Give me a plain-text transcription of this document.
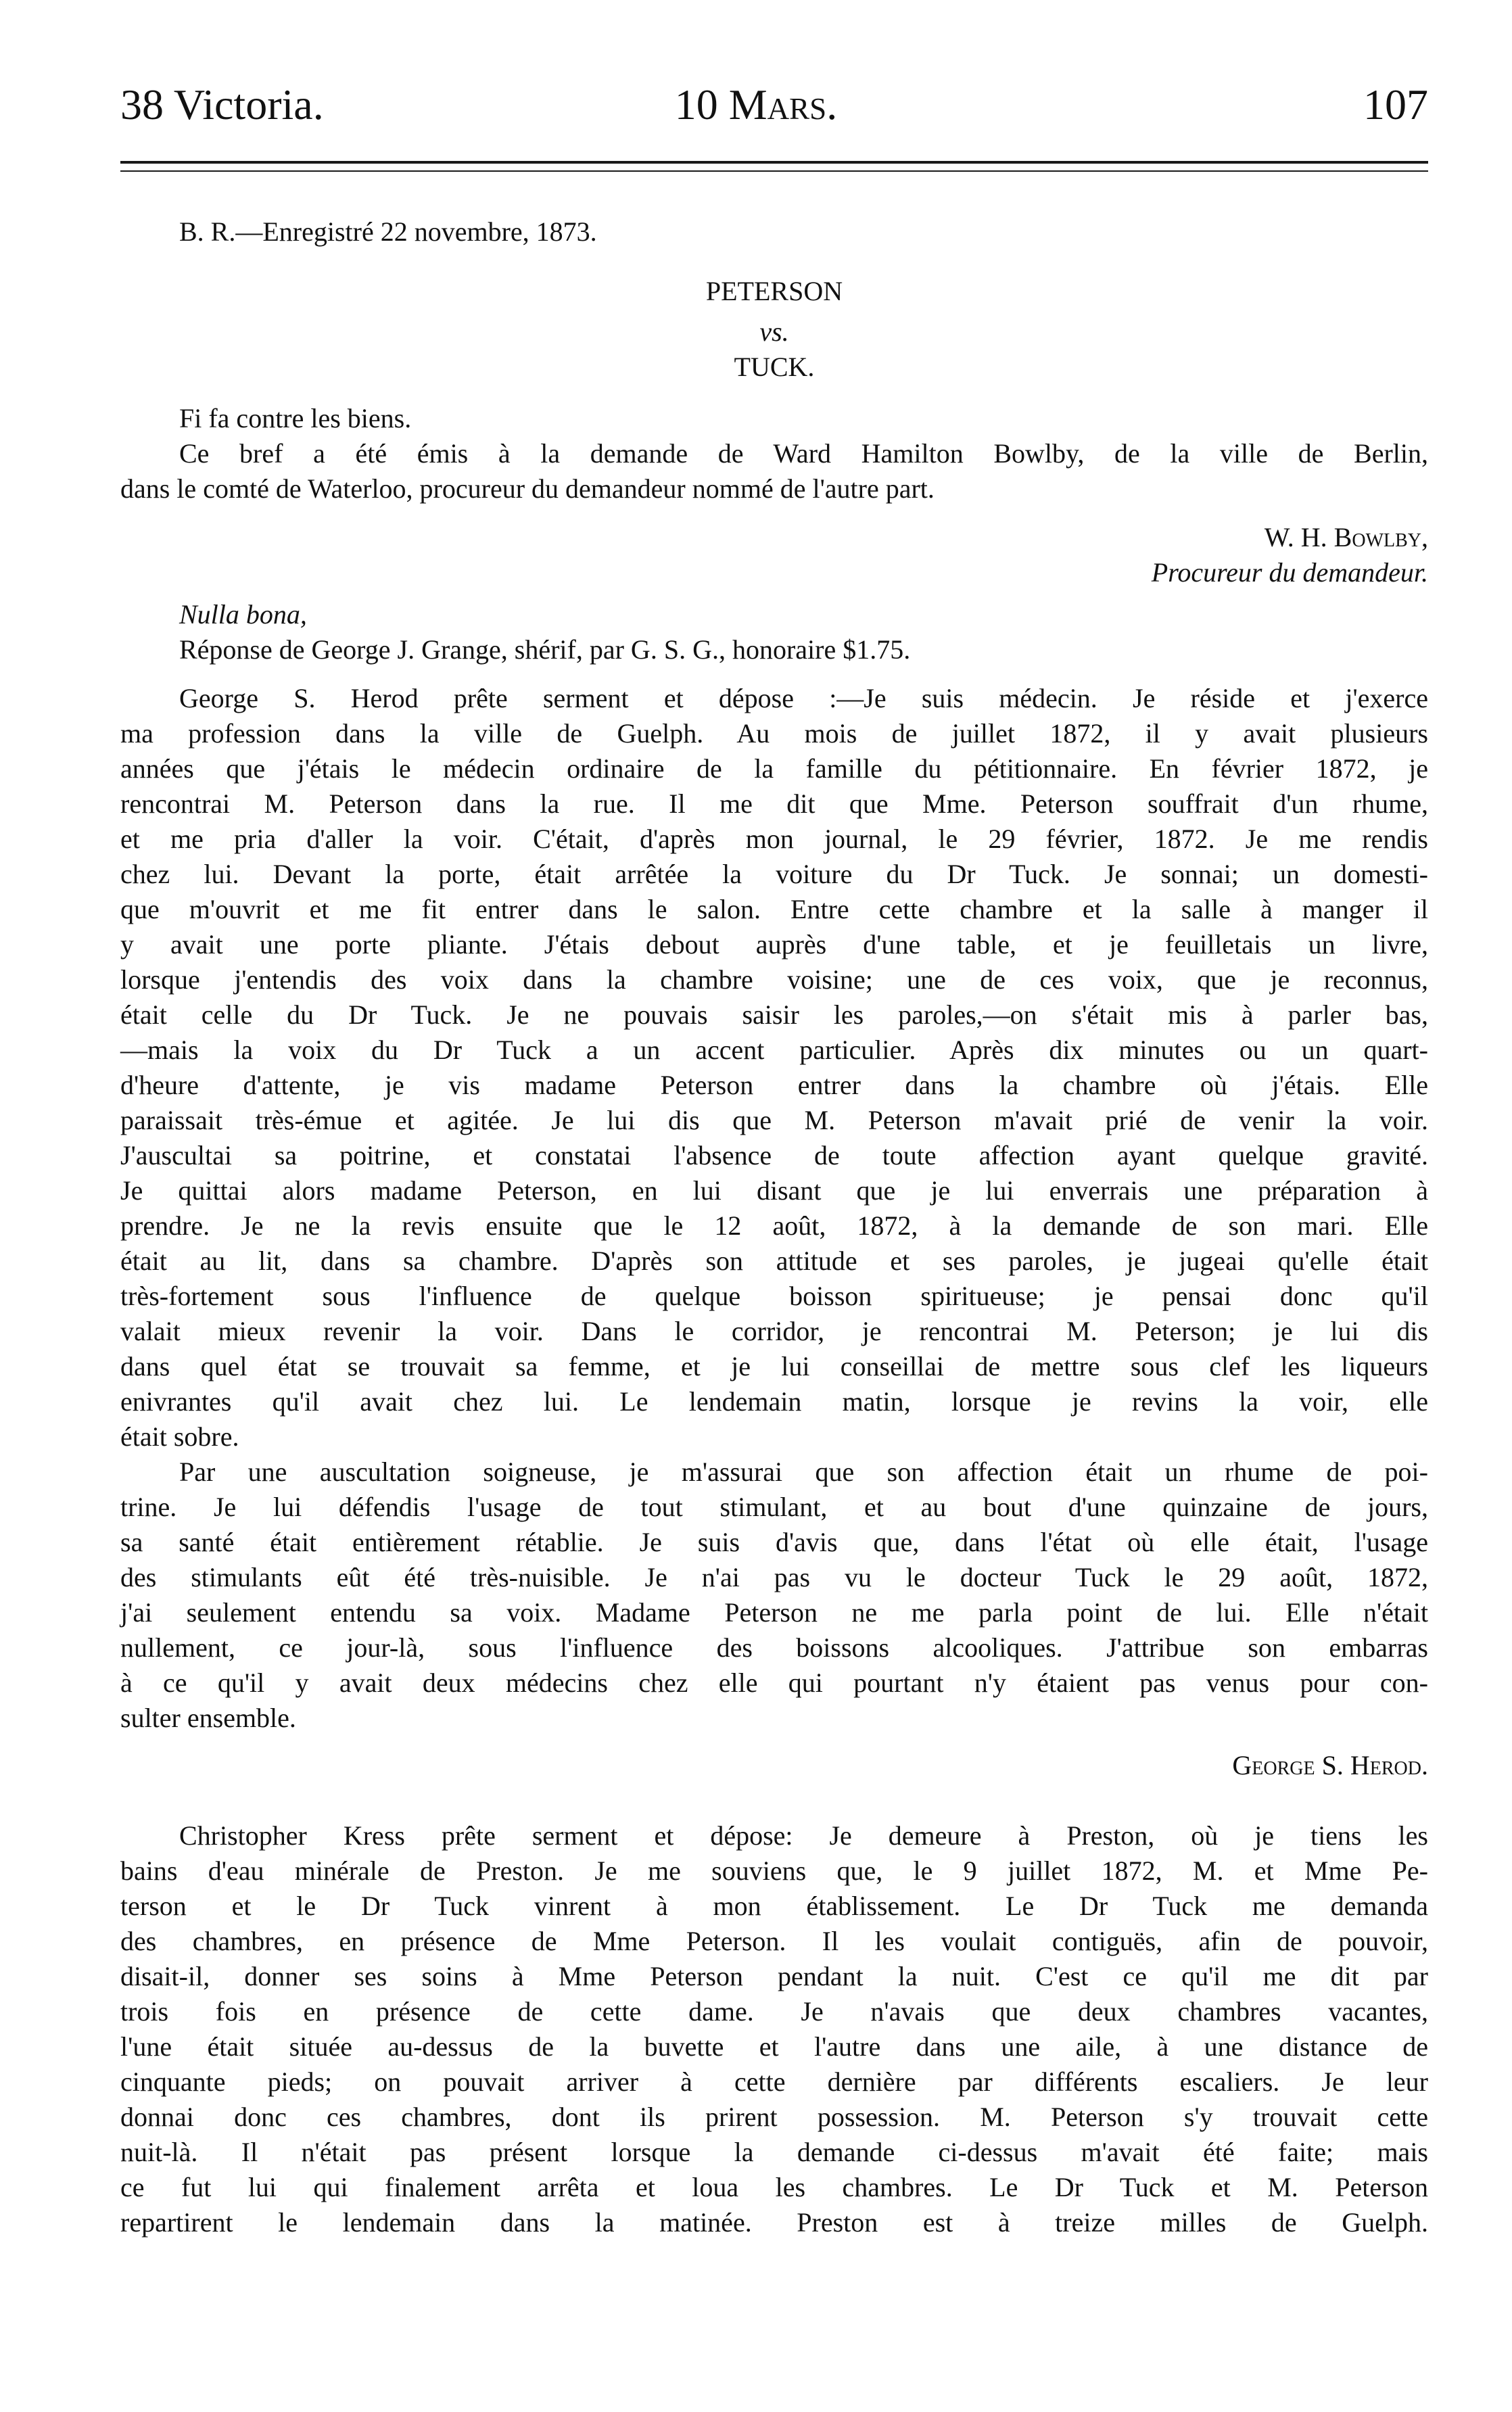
38 Victoria.	10 Mars.	107
B. R.—Enregistré 22 novembre, 1873.
PETERSON
vs.
TUCK.
Fi fa contre les biens.
Ce bref a été émis à la demande de Ward Hamilton Bowlby, de la ville de Berlin,
dans le comté de Waterloo, procureur du demandeur nommé de l'autre part.
W. H. Bowlby,
Procureur du demandeur.
Nulla bona,
Réponse de George J. Grange, shérif, par G. S. G., honoraire $1.75.
George S. Herod prête serment et dépose :—Je suis médecin. Je réside et j'exerce
ma profession dans la ville de Guelph. Au mois de juillet 1872, il y avait plusieurs
années que j'étais le médecin ordinaire de la famille du pétitionnaire. En février 1872, je
rencontrai M. Peterson dans la rue. Il me dit que Mme. Peterson souffrait d'un rhume,
et me pria d'aller la voir. C'était, d'après mon journal, le 29 février, 1872. Je me rendis
chez lui. Devant la porte, était arrêtée la voiture du Dr Tuck. Je sonnai; un domesti-
que m'ouvrit et me fit entrer dans le salon. Entre cette chambre et la salle à manger il
y avait une porte pliante. J'étais debout auprès d'une table, et je feuilletais un livre,
lorsque j'entendis des voix dans la chambre voisine; une de ces voix, que je reconnus,
était celle du Dr Tuck. Je ne pouvais saisir les paroles,—on s'était mis à parler bas,
—mais la voix du Dr Tuck a un accent particulier. Après dix minutes ou un quart-
d'heure d'attente, je vis madame Peterson entrer dans la chambre où j'étais. Elle
paraissait très-émue et agitée. Je lui dis que M. Peterson m'avait prié de venir la voir.
J'auscultai sa poitrine, et constatai l'absence de toute affection ayant quelque gravité.
Je quittai alors madame Peterson, en lui disant que je lui enverrais une préparation à
prendre. Je ne la revis ensuite que le 12 août, 1872, à la demande de son mari. Elle
était au lit, dans sa chambre. D'après son attitude et ses paroles, je jugeai qu'elle était
très-fortement sous l'influence de quelque boisson spiritueuse; je pensai donc qu'il
valait mieux revenir la voir. Dans le corridor, je rencontrai M. Peterson; je lui dis
dans quel état se trouvait sa femme, et je lui conseillai de mettre sous clef les liqueurs
enivrantes qu'il avait chez lui. Le lendemain matin, lorsque je revins la voir, elle
était sobre.
Par une auscultation soigneuse, je m'assurai que son affection était un rhume de poi-
trine. Je lui défendis l'usage de tout stimulant, et au bout d'une quinzaine de jours,
sa santé était entièrement rétablie. Je suis d'avis que, dans l'état où elle était, l'usage
des stimulants eût été très-nuisible. Je n'ai pas vu le docteur Tuck le 29 août, 1872,
j'ai seulement entendu sa voix. Madame Peterson ne me parla point de lui. Elle n'était
nullement, ce jour-là, sous l'influence des boissons alcooliques. J'attribue son embarras
à ce qu'il y avait deux médecins chez elle qui pourtant n'y étaient pas venus pour con-
sulter ensemble.
George S. Herod.
Christopher Kress prête serment et dépose: Je demeure à Preston, où je tiens les
bains d'eau minérale de Preston. Je me souviens que, le 9 juillet 1872, M. et Mme Pe-
terson et le Dr Tuck vinrent à mon établissement. Le Dr Tuck me demanda
des chambres, en présence de Mme Peterson. Il les voulait contiguës, afin de pouvoir,
disait-il, donner ses soins à Mme Peterson pendant la nuit. C'est ce qu'il me dit par
trois fois en présence de cette dame. Je n'avais que deux chambres vacantes,
l'une était située au-dessus de la buvette et l'autre dans une aile, à une distance de
cinquante pieds; on pouvait arriver à cette dernière par différents escaliers. Je leur
donnai donc ces chambres, dont ils prirent possession. M. Peterson s'y trouvait cette
nuit-là. Il n'était pas présent lorsque la demande ci-dessus m'avait été faite; mais
ce fut lui qui finalement arrêta et loua les chambres. Le Dr Tuck et M. Peterson
repartirent le lendemain dans la matinée. Preston est à treize milles de Guelph.
